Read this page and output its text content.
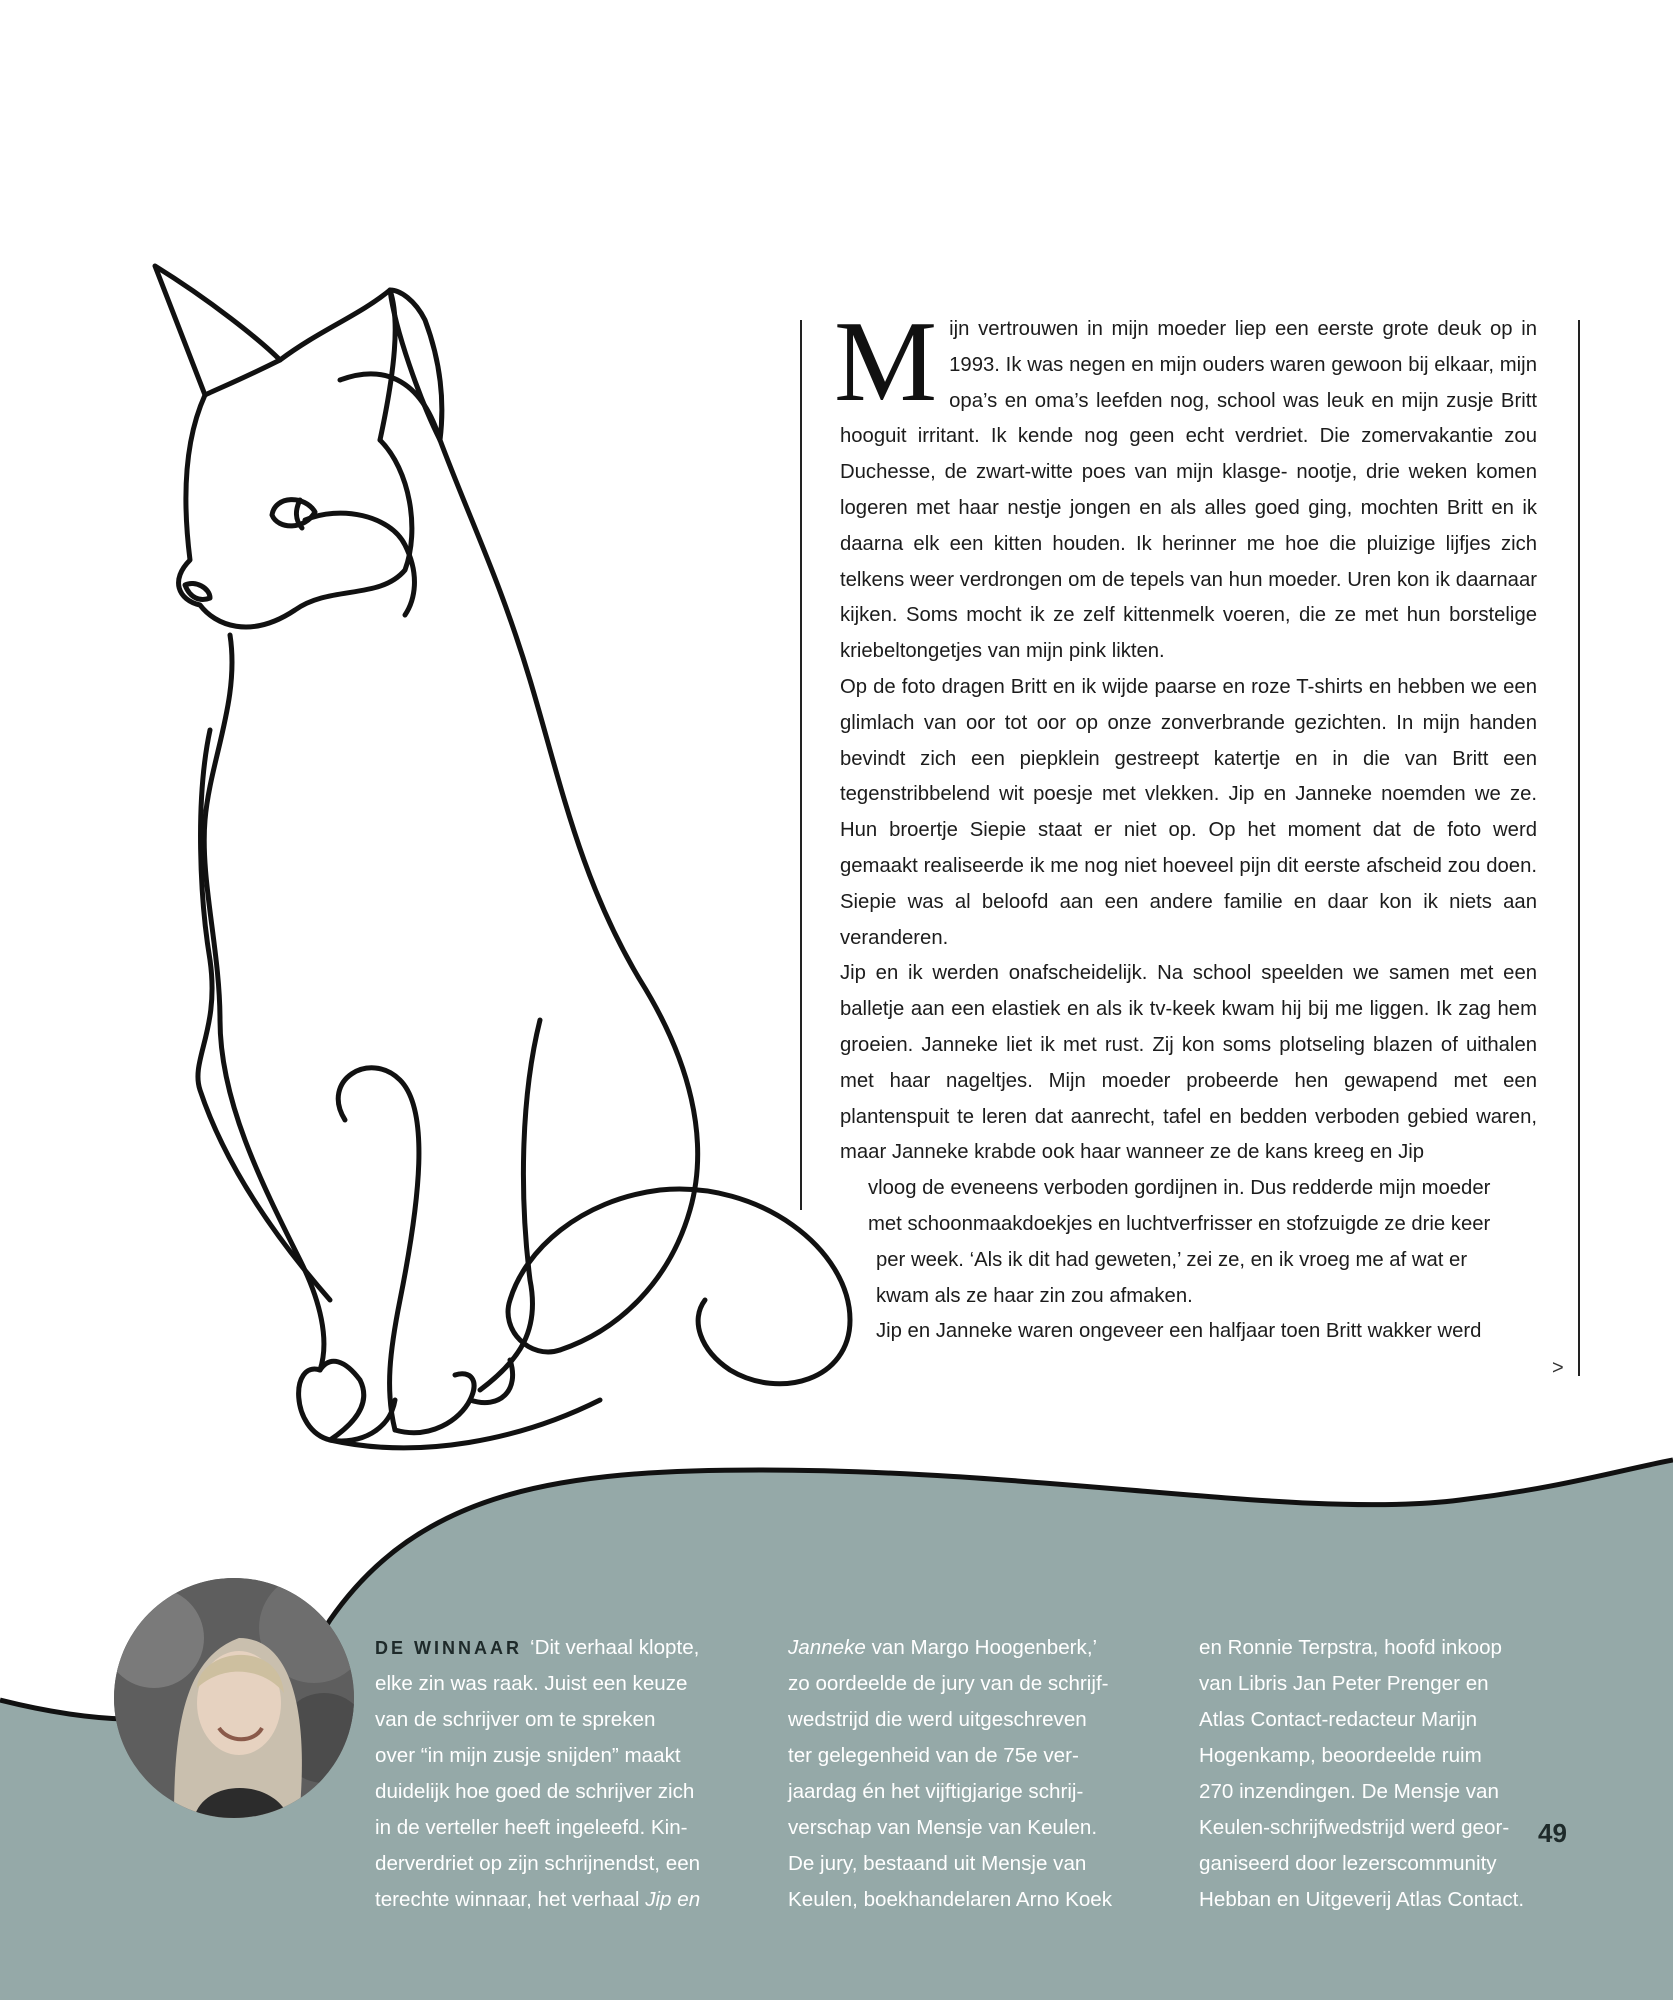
M ijn vertrouwen in mijn moeder liep een eerste grote deuk op in 1993. Ik was negen en mijn ouders waren gewoon bij elkaar, mijn opa’s en oma’s leefden nog, school was leuk en mijn zusje Britt hooguit irritant. Ik kende nog geen echt verdriet. Die zomervakantie zou Duchesse, de zwart-witte poes van mijn klasge- nootje, drie weken komen logeren met haar nestje jongen en als alles goed ging, mochten Britt en ik daarna elk een kitten houden. Ik herinner me hoe die pluizige lijfjes zich telkens weer verdrongen om de tepels van hun moeder. Uren kon ik daarnaar kijken. Soms mocht ik ze zelf kittenmelk voeren, die ze met hun borstelige kriebeltongetjes van mijn pink likten.

Op de foto dragen Britt en ik wijde paarse en roze T-shirts en hebben we een glimlach van oor tot oor op onze zonverbrande gezichten. In mijn handen bevindt zich een piepklein gestreept katertje en in die van Britt een tegenstribbelend wit poesje met vlekken. Jip en Janneke noemden we ze. Hun broertje Siepie staat er niet op. Op het moment dat de foto werd gemaakt realiseerde ik me nog niet hoeveel pijn dit eerste afscheid zou doen. Siepie was al beloofd aan een andere familie en daar kon ik niets aan veranderen.

Jip en ik werden onafscheidelijk. Na school speelden we samen met een balletje aan een elastiek en als ik tv-keek kwam hij bij me liggen. Ik zag hem groeien. Janneke liet ik met rust. Zij kon soms plotseling blazen of uithalen met haar nageltjes. Mijn moeder probeerde hen gewapend met een plantenspuit te leren dat aanrecht, tafel en bedden verboden gebied waren, maar Janneke krabde ook haar wanneer ze de kans kreeg en Jip

vloog de eveneens verboden gordijnen in. Dus redderde mijn moeder

met schoonmaakdoekjes en luchtverfrisser en stofzuigde ze drie keer

per week. ‘Als ik dit had geweten,’ zei ze, en ik vroeg me af wat er

kwam als ze haar zin zou afmaken.

Jip en Janneke waren ongeveer een halfjaar toen Britt wakker werd

>

DE WINNAAR ‘Dit verhaal klopte,

elke zin was raak. Juist een keuze

van de schrijver om te spreken

over “in mijn zusje snijden” maakt

duidelijk hoe goed de schrijver zich

in de verteller heeft ingeleefd. Kin-

derverdriet op zijn schrijnendst, een

terechte winnaar, het verhaal Jip en

Janneke van Margo Hoogenberk,’

zo oordeelde de jury van de schrijf-

wedstrijd die werd uitgeschreven

ter gelegenheid van de 75e ver-

jaardag én het vijftigjarige schrij-

verschap van Mensje van Keulen.

De jury, bestaand uit Mensje van

Keulen, boekhandelaren Arno Koek

en Ronnie Terpstra, hoofd inkoop

van Libris Jan Peter Prenger en

Atlas Contact-redacteur Marijn

Hogenkamp, beoordeelde ruim

270 inzendingen. De Mensje van

Keulen-schrijfwedstrijd werd geor-

ganiseerd door lezerscommunity

Hebban en Uitgeverij Atlas Contact.

49
